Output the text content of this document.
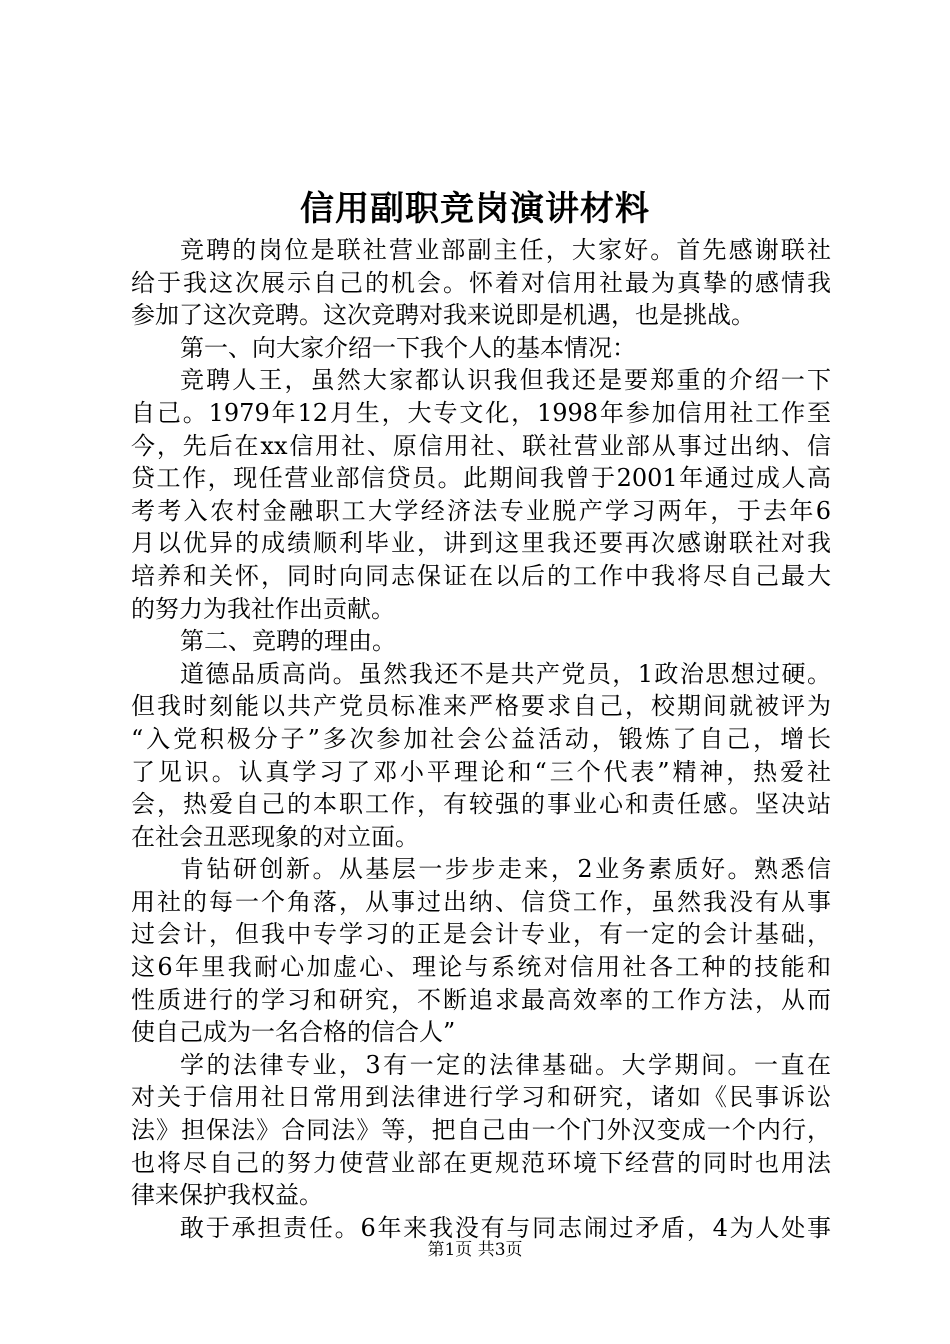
信用副职竞岗演讲材料
竞聘的岗位是联社营业部副主任，大家好。首先感谢联社
给于我这次展示自己的机会。怀着对信用社最为真挚的感情我
参加了这次竞聘。这次竞聘对我来说即是机遇，也是挑战。
第一、向大家介绍一下我个人的基本情况：
竞聘人王，虽然大家都认识我但我还是要郑重的介绍一下
自己。1979年12月生，大专文化，1998年参加信用社工作至
今，先后在xx信用社、原信用社、联社营业部从事过出纳、信
贷工作，现任营业部信贷员。此期间我曾于2001年通过成人高
考考入农村金融职工大学经济法专业脱产学习两年，于去年6
月以优异的成绩顺利毕业，讲到这里我还要再次感谢联社对我
培养和关怀，同时向同志保证在以后的工作中我将尽自己最大
的努力为我社作出贡献。
第二、竞聘的理由。
道德品质高尚。虽然我还不是共产党员，1政治思想过硬。
但我时刻能以共产党员标准来严格要求自己，校期间就被评为
“入党积极分子”多次参加社会公益活动，锻炼了自己，增长
了见识。认真学习了邓小平理论和“三个代表”精神，热爱社
会，热爱自己的本职工作，有较强的事业心和责任感。坚决站
在社会丑恶现象的对立面。
肯钻研创新。从基层一步步走来，2业务素质好。熟悉信
用社的每一个角落，从事过出纳、信贷工作，虽然我没有从事
过会计，但我中专学习的正是会计专业，有一定的会计基础，
这6年里我耐心加虚心、理论与系统对信用社各工种的技能和
性质进行的学习和研究，不断追求最高效率的工作方法，从而
使自己成为一名合格的信合人”
学的法律专业，3有一定的法律基础。大学期间。一直在
对关于信用社日常用到法律进行学习和研究，诸如《民事诉讼
法》担保法》合同法》等，把自己由一个门外汉变成一个内行，
也将尽自己的努力使营业部在更规范环境下经营的同时也用法
律来保护我权益。
敢于承担责任。6年来我没有与同志闹过矛盾，4为人处事
第1页 共3页
